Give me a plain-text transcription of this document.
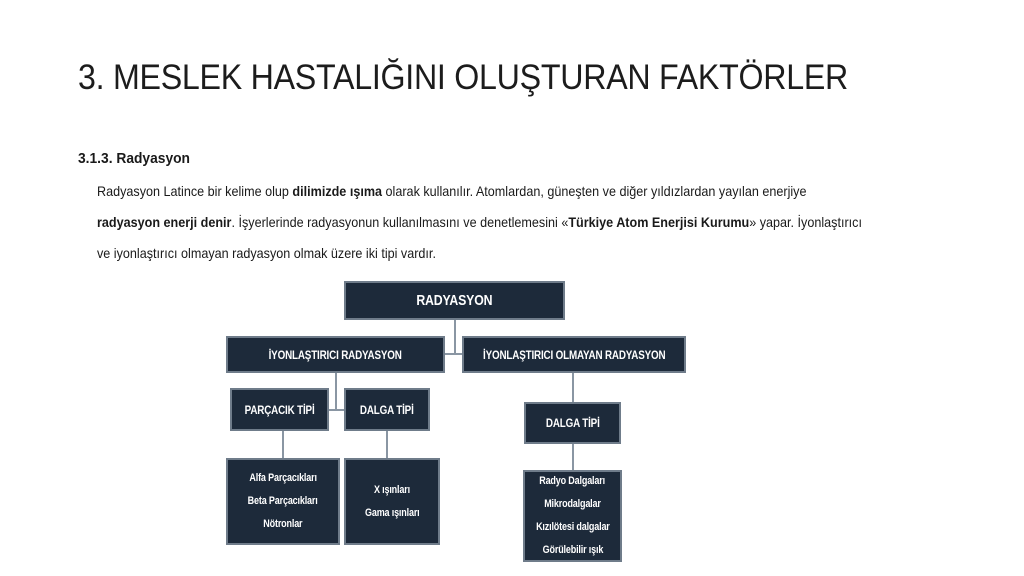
3. MESLEK HASTALIĞINI OLUŞTURAN FAKTÖRLER
3.1.3. Radyasyon
Radyasyon Latince bir kelime olup dilimizde ışıma olarak kullanılır. Atomlardan, güneşten ve diğer yıldızlardan yayılan enerjiye
radyasyon enerji denir. İşyerlerinde radyasyonun kullanılmasını ve denetlemesini «Türkiye Atom Enerjisi Kurumu» yapar. İyonlaştırıcı
ve iyonlaştırıcı olmayan radyasyon olmak üzere iki tipi vardır.
RADYASYON
İYONLAŞTIRICI RADYASYON	İYONLAŞTIRICI OLMAYAN RADYASYON
PARÇACIK TİPİ	DALGA TİPİ
DALGA TİPİ
Alfa Parçacıkları
Beta Parçacıkları
Nötronlar
X ışınları
Gama ışınları
Radyo Dalgaları
Mikrodalgalar
Kızılötesi dalgalar
Görülebilir ışık
